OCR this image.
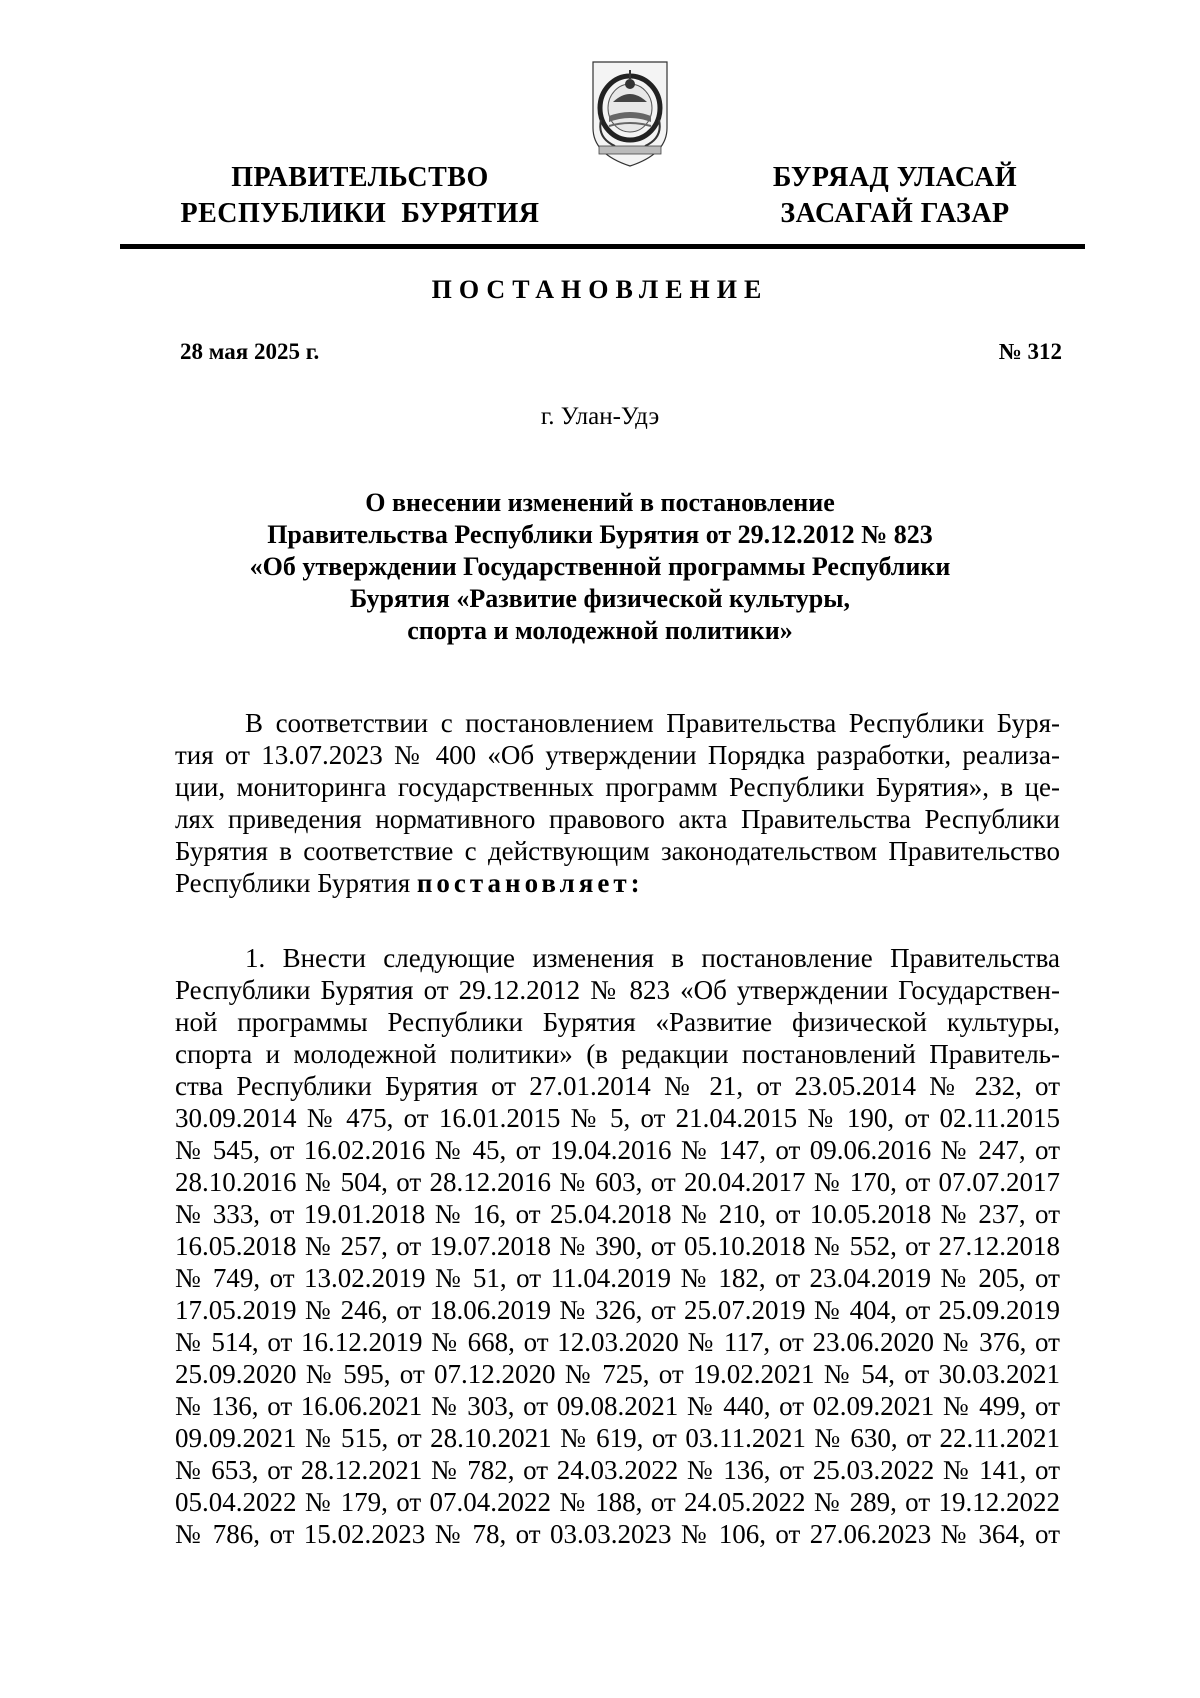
ПРАВИТЕЛЬСТВО
РЕСПУБЛИКИ  БУРЯТИЯ
БУРЯАД УЛАСАЙ
ЗАСАГАЙ ГАЗАР
ПОСТАНОВЛЕНИЕ
28 мая 2025 г.	№ 312
г. Улан-Удэ
О внесении изменений в постановление
Правительства Республики Бурятия от 29.12.2012 № 823
«Об утверждении Государственной программы Республики
Бурятия «Развитие физической культуры,
спорта и молодежной политики»
В соответствии с постановлением Правительства Республики Буря-
тия от 13.07.2023 № 400 «Об утверждении Порядка разработки, реализа-
ции, мониторинга государственных программ Республики Бурятия», в це-
лях приведения нормативного правового акта Правительства Республики
Бурятия в соответствие с действующим законодательством Правительство
Республики Бурятия постановляет:
1. Внести следующие изменения в постановление Правительства
Республики Бурятия от 29.12.2012 № 823 «Об утверждении Государствен-
ной программы Республики Бурятия «Развитие физической культуры,
спорта и молодежной политики» (в редакции постановлений Правитель-
ства Республики Бурятия от 27.01.2014 № 21, от 23.05.2014 № 232, от
30.09.2014 № 475, от 16.01.2015 № 5, от 21.04.2015 № 190, от 02.11.2015
№ 545, от 16.02.2016 № 45, от 19.04.2016 № 147, от 09.06.2016 № 247, от
28.10.2016 № 504, от 28.12.2016 № 603, от 20.04.2017 № 170, от 07.07.2017
№ 333, от 19.01.2018 № 16, от 25.04.2018 № 210, от 10.05.2018 № 237, от
16.05.2018 № 257, от 19.07.2018 № 390, от 05.10.2018 № 552, от 27.12.2018
№ 749, от 13.02.2019 № 51, от 11.04.2019 № 182, от 23.04.2019 № 205, от
17.05.2019 № 246, от 18.06.2019 № 326, от 25.07.2019 № 404, от 25.09.2019
№ 514, от 16.12.2019 № 668, от 12.03.2020 № 117, от 23.06.2020 № 376, от
25.09.2020 № 595, от 07.12.2020 № 725, от 19.02.2021 № 54, от 30.03.2021
№ 136, от 16.06.2021 № 303, от 09.08.2021 № 440, от 02.09.2021 № 499, от
09.09.2021 № 515, от 28.10.2021 № 619, от 03.11.2021 № 630, от 22.11.2021
№ 653, от 28.12.2021 № 782, от 24.03.2022 № 136, от 25.03.2022 № 141, от
05.04.2022 № 179, от 07.04.2022 № 188, от 24.05.2022 № 289, от 19.12.2022
№ 786, от 15.02.2023 № 78, от 03.03.2023 № 106, от 27.06.2023 № 364, от
